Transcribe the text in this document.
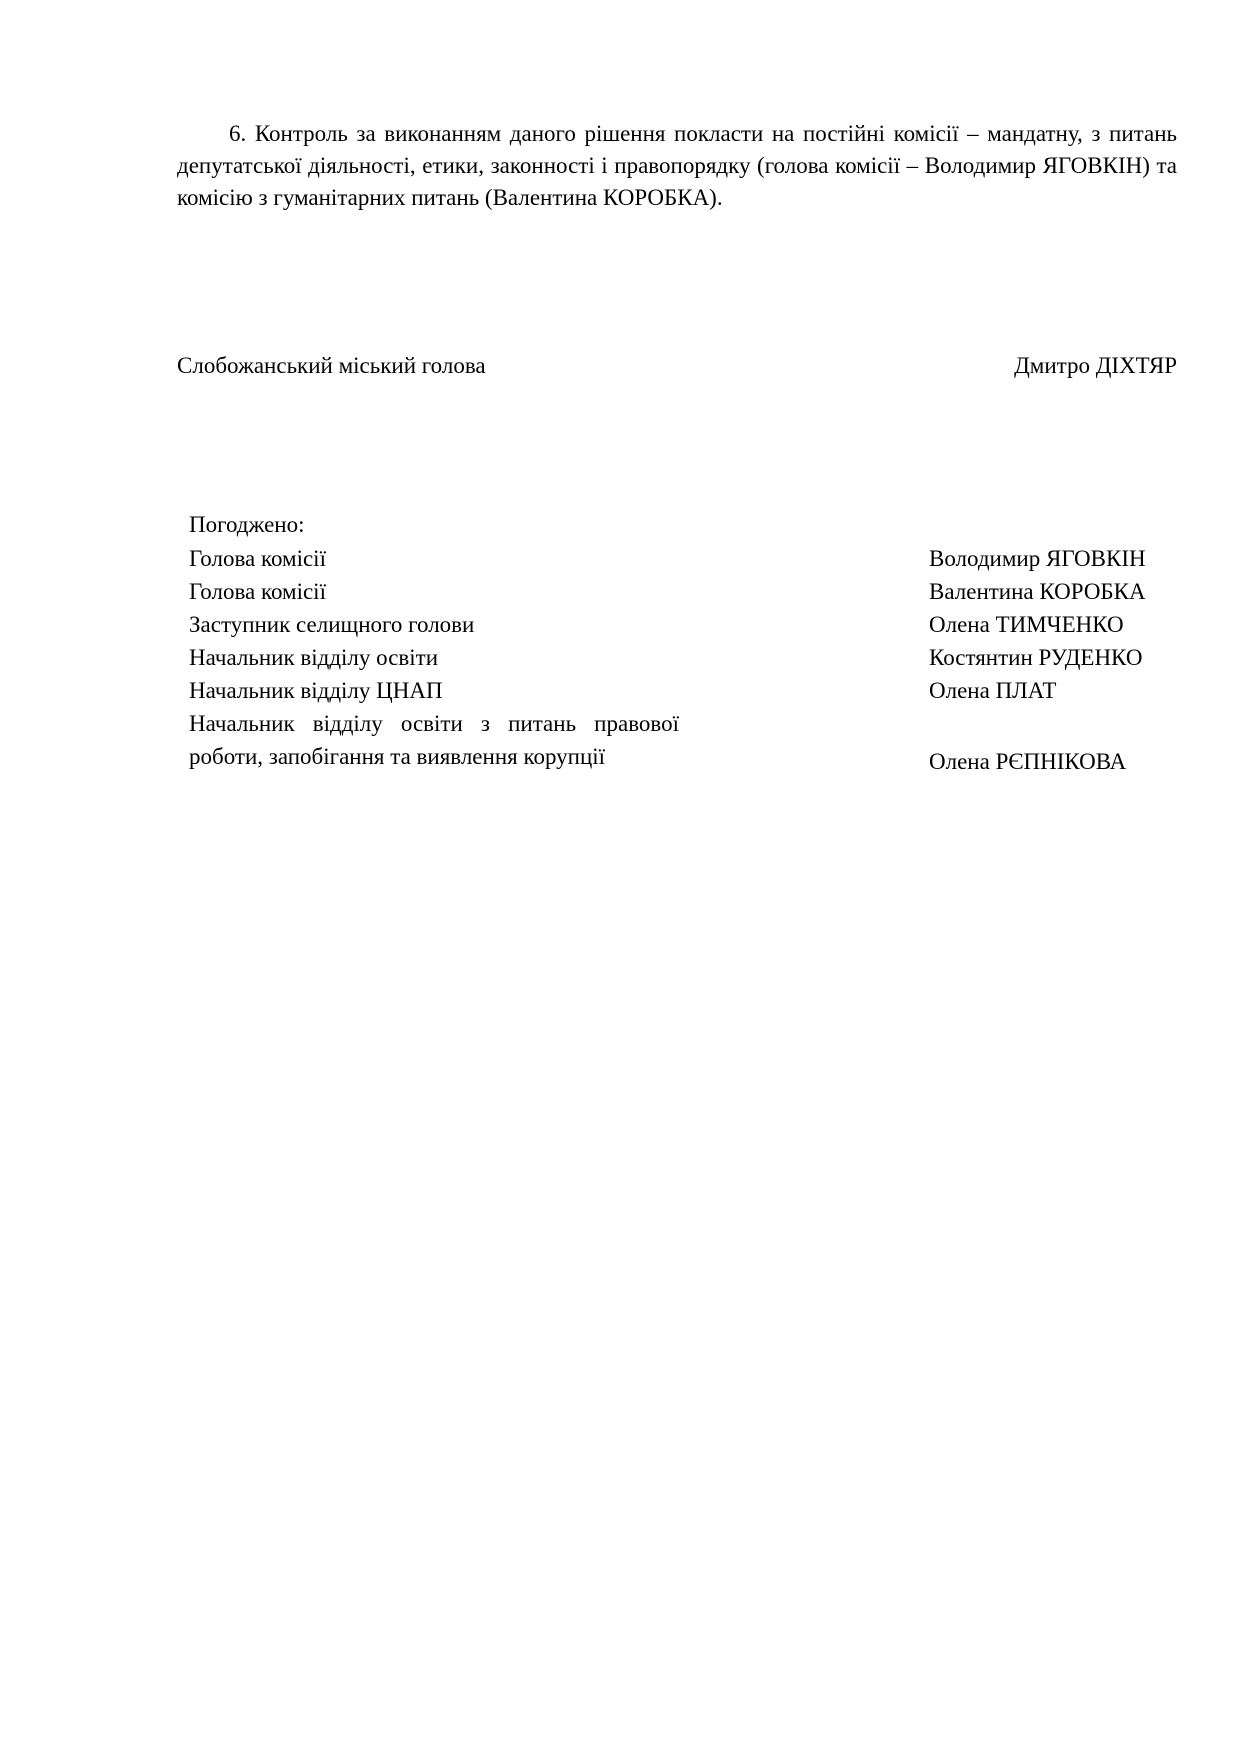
6. Контроль за виконанням даного рішення покласти на постійні комісії – мандатну, з питань депутатської діяльності, етики, законності і правопорядку (голова комісії – Володимир ЯГОВКІН) та комісію з гуманітарних питань (Валентина КОРОБКА).

Слобожанський міський голова	Дмитро ДІХТЯР
Погоджено:
Голова комісії	Володимир ЯГОВКІН
Голова комісії	Валентина КОРОБКА
Заступник селищного голови	Олена ТИМЧЕНКО
Начальник відділу освіти	Костянтин РУДЕНКО
Начальник відділу ЦНАП	Олена ПЛАТ
Начальник відділу освіти з питань правової роботи, запобігання та виявлення корупції	Олена РЄПНІКОВА
